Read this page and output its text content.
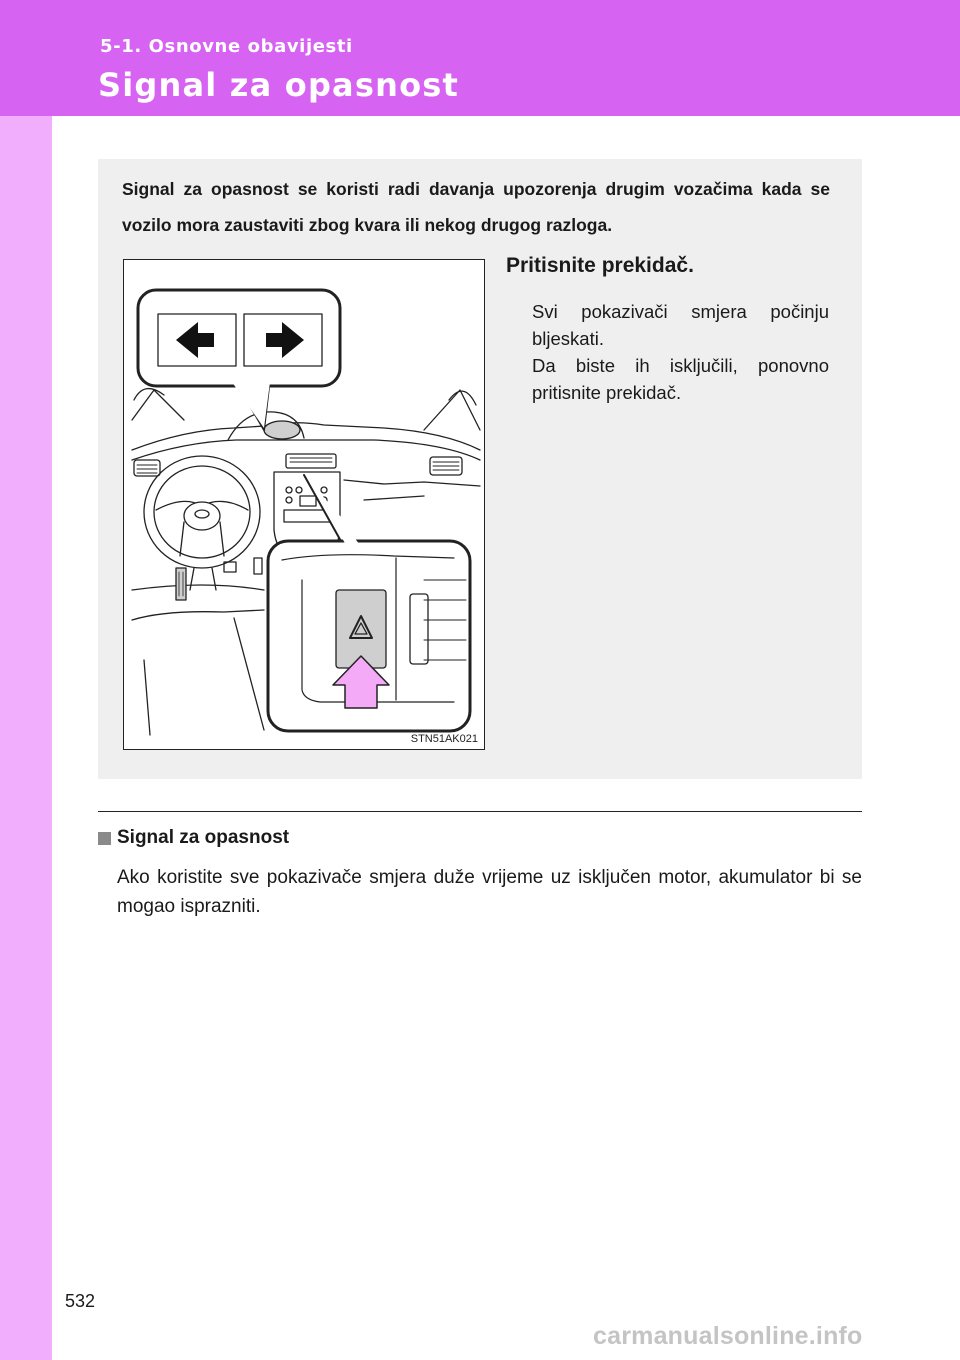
5-1. Osnovne obavijesti
Signal za opasnost

Signal za opasnost se koristi radi davanja upozorenja drugim vozačima kada se vozilo mora zaustaviti zbog kvara ili nekog drugog razloga.

STN51AK021
Pritisnite prekidač.

Svi pokazivači smjera počinju bljeskati.

Da biste ih isključili, ponovno pritisnite prekidač.

Signal za opasnost

Ako koristite sve pokazivače smjera duže vrijeme uz isključen motor, akumulator bi se mogao isprazniti.

532

carmanualsonline.info
